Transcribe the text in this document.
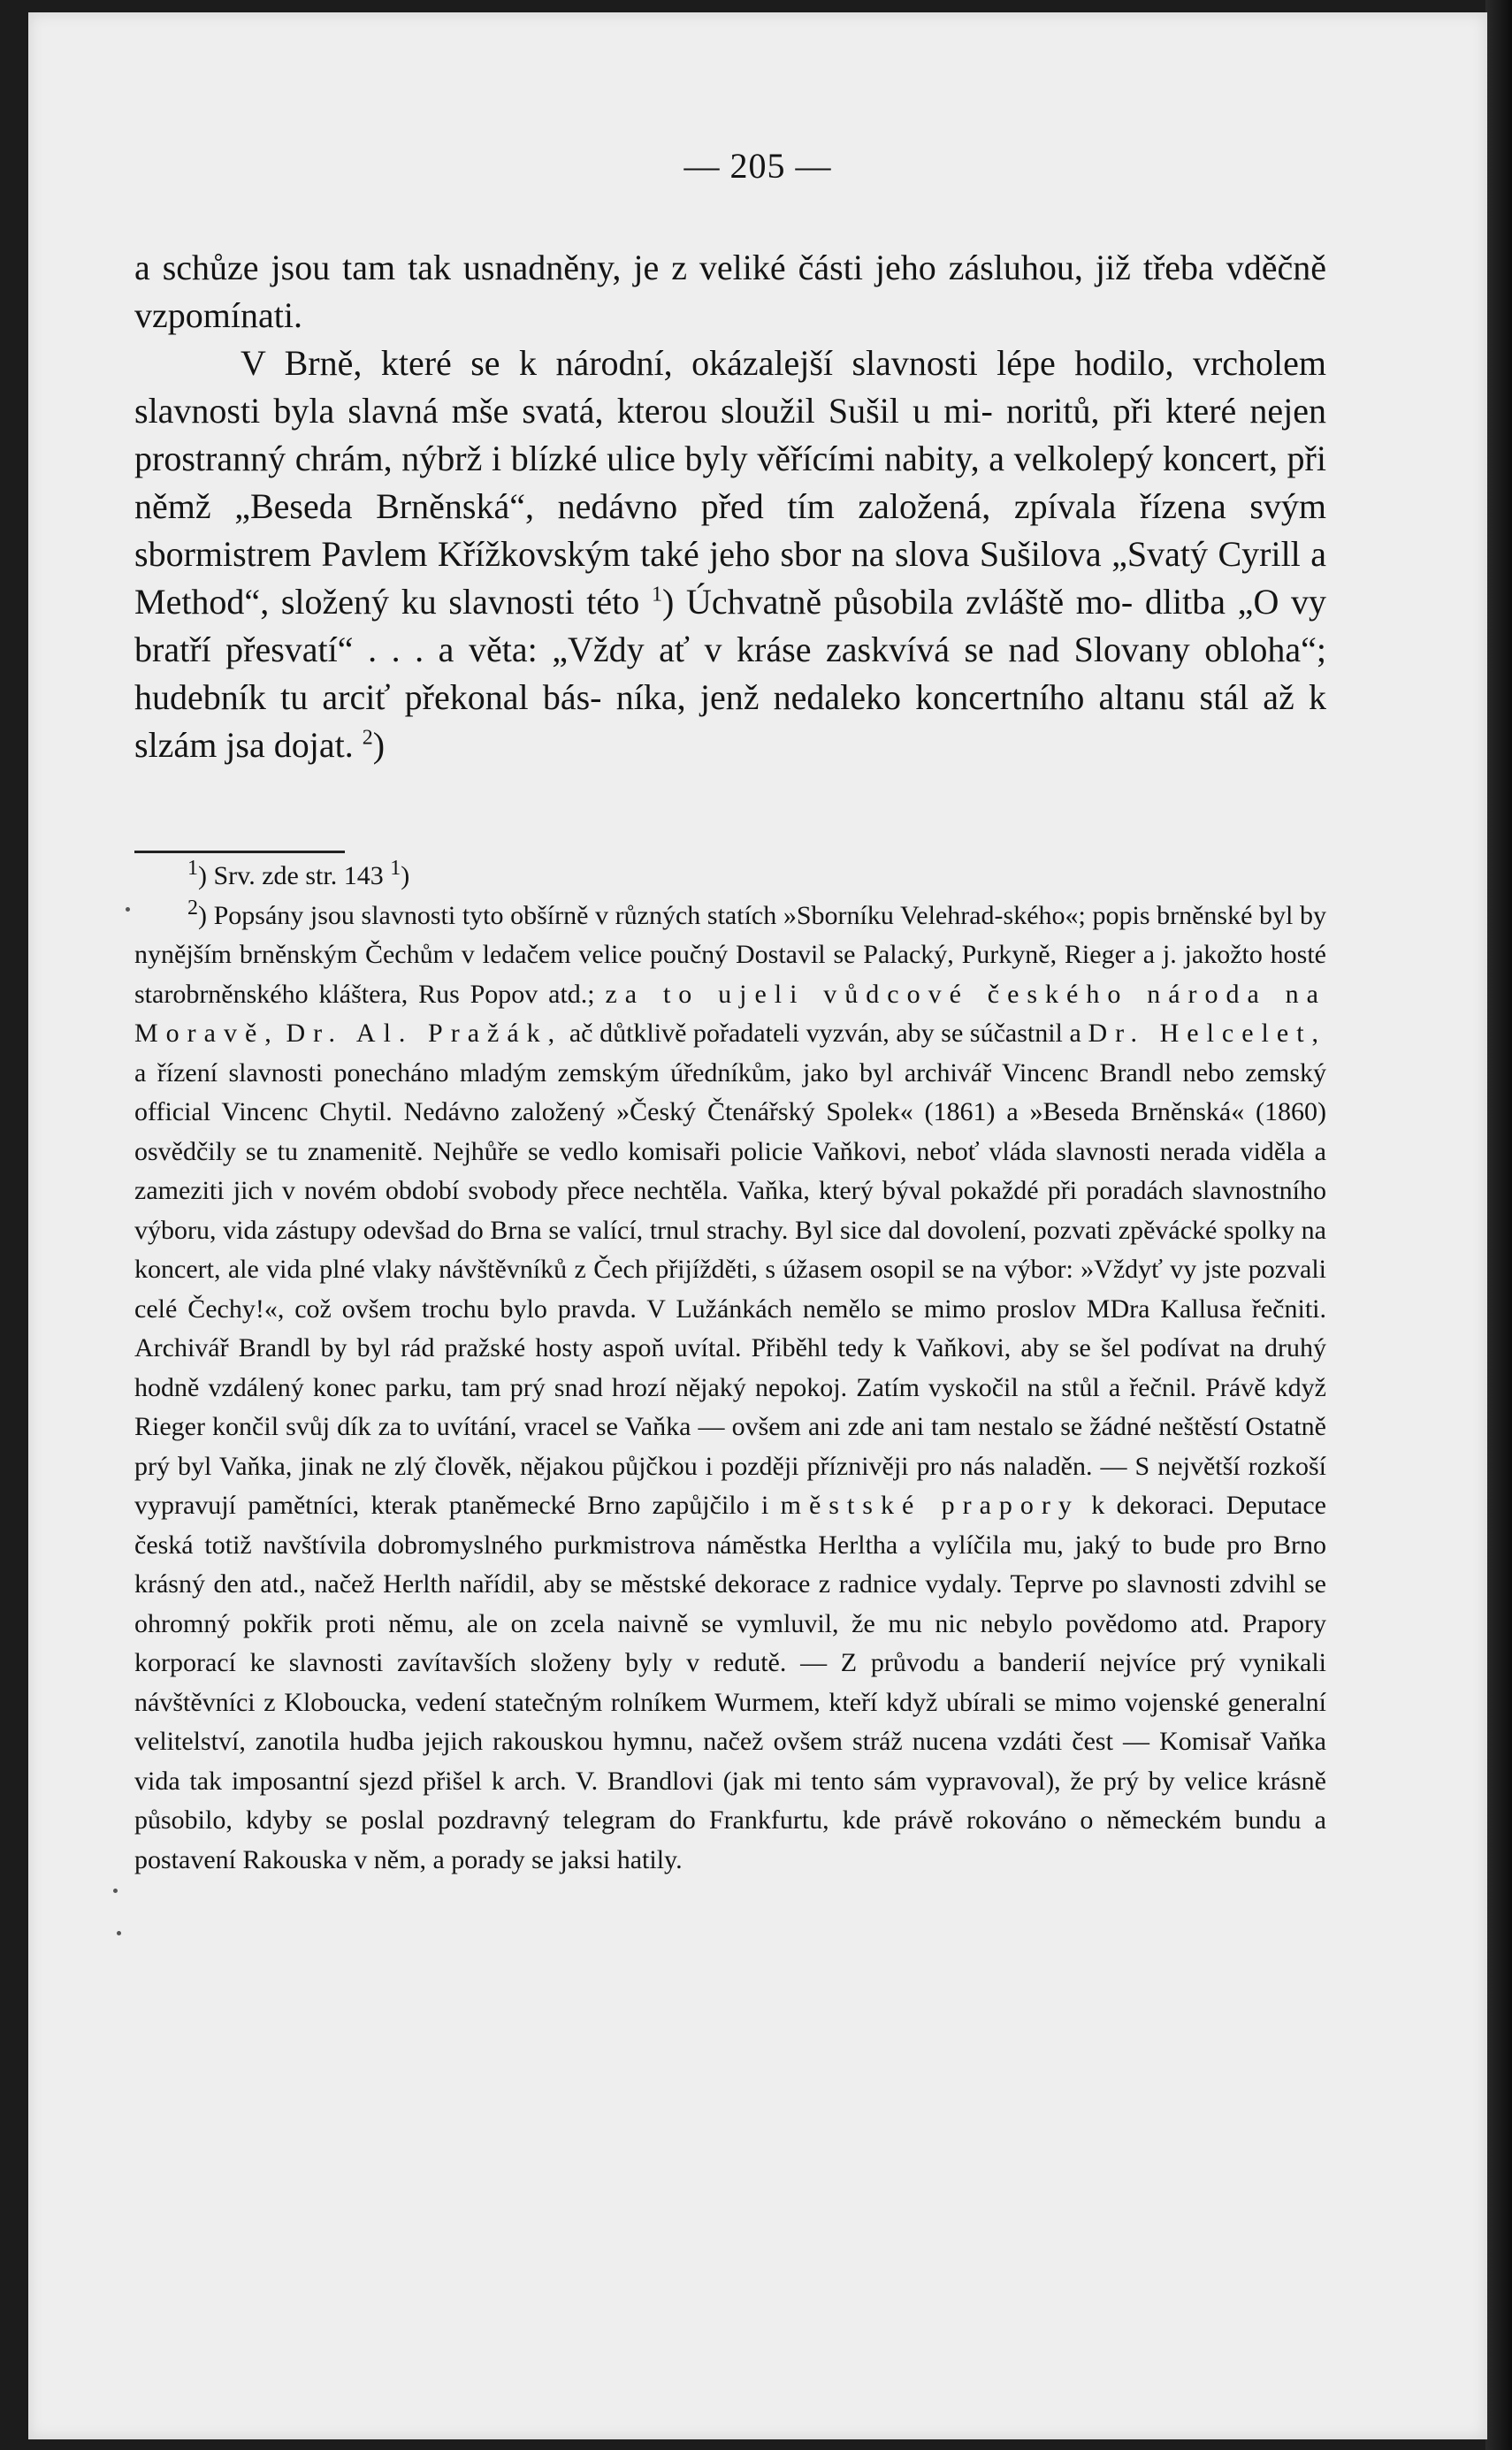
— 205 —

a schůze jsou tam tak usnadněny, je z veliké části jeho zásluhou, již třeba vděčně vzpomínati.

V Brně, které se k národní, okázalejší slavnosti lépe hodilo, vrcholem slavnosti byla slavná mše svatá, kterou sloužil Sušil u mi- noritů, při které nejen prostranný chrám, nýbrž i blízké ulice byly věřícími nabity, a velkolepý koncert, při němž „Beseda Brněnská“, nedávno před tím založená, zpívala řízena svým sbormistrem Pavlem Křížkovským také jeho sbor na slova Sušilova „Svatý Cyrill a Method“, složený ku slavnosti této $^1$) Úchvatně působila zvláště mo- dlitba „O vy bratří přesvatí“ . . . a věta: „Vždy ať v kráse zaskvívá se nad Slovany obloha“; hudebník tu arciť překonal bás- níka, jenž nedaleko koncertního altanu stál až k slzám jsa dojat. $^2$)

$^1$) Srv. zde str. 143 $^1$)

$^2$) Popsány jsou slavnosti tyto obšírně v různých statích »Sborníku Velehrad-ského«; popis brněnské byl by nynějším brněnským Čechům v ledačem velice poučný Dostavil se Palacký, Purkyně, Rieger a j. jakožto hosté starobrněnského kláštera, Rus Popov atd.; za to ujeli vůdcové českého národa na Moravě, Dr. Al. Pražák, ač důtklivě pořadateli vyzván, aby se súčastnil a Dr. Helcelet, a řízení slavnosti ponecháno mladým zemským úředníkům, jako byl archivář Vincenc Brandl nebo zemský official Vincenc Chytil. Nedávno založený »Český Čtenářský Spolek« (1861) a »Beseda Brněnská« (1860) osvědčily se tu znamenitě. Nejhůře se vedlo komisaři policie Vaňkovi, neboť vláda slavnosti nerada viděla a zameziti jich v novém období svobody přece nechtěla. Vaňka, který býval pokaždé při poradách slavnostního výboru, vida zástupy odevšad do Brna se valící, trnul strachy. Byl sice dal dovolení, pozvati zpěvácké spolky na koncert, ale vida plné vlaky návštěvníků z Čech přijížděti, s úžasem osopil se na výbor: »Vždyť vy jste pozvali celé Čechy!«, což ovšem trochu bylo pravda. V Lužánkách nemělo se mimo proslov MDra Kallusa řečniti. Archivář Brandl by byl rád pražské hosty aspoň uvítal. Přiběhl tedy k Vaňkovi, aby se šel podívat na druhý hodně vzdálený konec parku, tam prý snad hrozí nějaký nepokoj. Zatím vyskočil na stůl a řečnil. Právě když Rieger končil svůj dík za to uvítání, vracel se Vaňka — ovšem ani zde ani tam nestalo se žádné neštěstí Ostatně prý byl Vaňka, jinak ne zlý člověk, nějakou půjčkou i později příznivěji pro nás naladěn. — S největší rozkoší vypravují pamětníci, kterak ptaněmecké Brno zapůjčilo i městské prapory k dekoraci. Deputace česká totiž navštívila dobromyslného purkmistrova náměstka Herltha a vylíčila mu, jaký to bude pro Brno krásný den atd., načež Herlth nařídil, aby se městské dekorace z radnice vydaly. Teprve po slavnosti zdvihl se ohromný pokřik proti němu, ale on zcela naivně se vymluvil, že mu nic nebylo povědomo atd. Prapory korporací ke slavnosti zavítavších složeny byly v redutě. — Z průvodu a banderií nejvíce prý vynikali návštěvníci z Kloboucka, vedení statečným rolníkem Wurmem, kteří když ubírali se mimo vojenské generalní velitelství, zanotila hudba jejich rakouskou hymnu, načež ovšem stráž nucena vzdáti čest — Komisař Vaňka vida tak imposantní sjezd přišel k arch. V. Brandlovi (jak mi tento sám vypravoval), že prý by velice krásně působilo, kdyby se poslal pozdravný telegram do Frankfurtu, kde právě rokováno o německém bundu a postavení Rakouska v něm, a porady se jaksi hatily.
